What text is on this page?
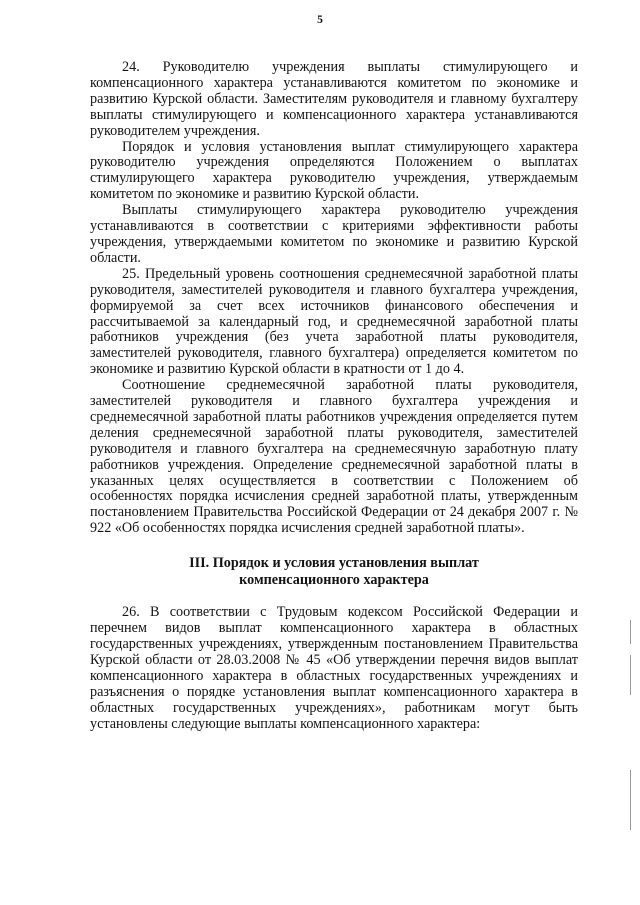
5

24. Руководителю учреждения выплаты стимулирующего и компенсационного характера устанавливаются комитетом по экономике и развитию Курской области. Заместителям руководителя и главному бухгалтеру выплаты стимулирующего и компенсационного характера устанавливаются руководителем учреждения.

Порядок и условия установления выплат стимулирующего характера руководителю учреждения определяются Положением о выплатах стимулирующего характера руководителю учреждения, утверждаемым комитетом по экономике и развитию Курской области.

Выплаты стимулирующего характера руководителю учреждения устанавливаются в соответствии с критериями эффективности работы учреждения, утверждаемыми комитетом по экономике и развитию Курской области.

25. Предельный уровень соотношения среднемесячной заработной платы руководителя, заместителей руководителя и главного бухгалтера учреждения, формируемой за счет всех источников финансового обеспечения и рассчитываемой за календарный год, и среднемесячной заработной платы работников учреждения (без учета заработной платы руководителя, заместителей руководителя, главного бухгалтера) определяется комитетом по экономике и развитию Курской области в кратности от 1 до 4.

Соотношение среднемесячной заработной платы руководителя, заместителей руководителя и главного бухгалтера учреждения и среднемесячной заработной платы работников учреждения определяется путем деления среднемесячной заработной платы руководителя, заместителей руководителя и главного бухгалтера на среднемесячную заработную плату работников учреждения. Определение среднемесячной заработной платы в указанных целях осуществляется в соответствии с Положением об особенностях порядка исчисления средней заработной платы, утвержденным постановлением Правительства Российской Федерации от 24 декабря 2007 г. № 922 «Об особенностях порядка исчисления средней заработной платы».

III. Порядок и условия установления выплат
компенсационного характера

26. В соответствии с Трудовым кодексом Российской Федерации и перечнем видов выплат компенсационного характера в областных государственных учреждениях, утвержденным постановлением Правительства Курской области от 28.03.2008 № 45 «Об утверждении перечня видов выплат компенсационного характера в областных государственных учреждениях и разъяснения о порядке установления выплат компенсационного характера в областных государственных учреждениях», работникам могут быть установлены следующие выплаты компенсационного характера:
